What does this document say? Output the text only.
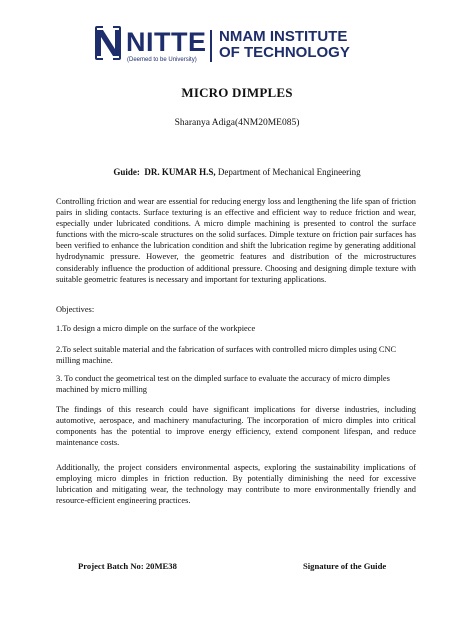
NITTE
(Deemed to be University)
NMAM INSTITUTE
OF TECHNOLOGY
MICRO DIMPLES
Sharanya Adiga(4NM20ME085)
Guide: DR. KUMAR H.S, Department of Mechanical Engineering
Controlling friction and wear are essential for reducing energy loss and lengthening the life span of friction pairs in sliding contacts. Surface texturing is an effective and efficient way to reduce friction and wear, especially under lubricated conditions. A micro dimple machining is presented to control the surface functions with the micro-scale structures on the solid surfaces. Dimple texture on friction pair surfaces has been verified to enhance the lubrication condition and shift the lubrication regime by generating additional hydrodynamic pressure. However, the geometric features and distribution of the microstructures considerably influence the production of additional pressure. Choosing and designing dimple texture with suitable geometric features is necessary and important for texturing applications.
Objectives:
1.To design a micro dimple on the surface of the workpiece
2.To select suitable material and the fabrication of surfaces with controlled micro dimples using CNC milling machine.
3. To conduct the geometrical test on the dimpled surface to evaluate the accuracy of micro dimples machined by micro milling
The findings of this research could have significant implications for diverse industries, including automotive, aerospace, and machinery manufacturing. The incorporation of micro dimples into critical components has the potential to improve energy efficiency, extend component lifespan, and reduce maintenance costs.
Additionally, the project considers environmental aspects, exploring the sustainability implications of employing micro dimples in friction reduction. By potentially diminishing the need for excessive lubrication and mitigating wear, the technology may contribute to more environmentally friendly and resource-efficient engineering practices.
Project Batch No: 20ME38	Signature of the Guide
